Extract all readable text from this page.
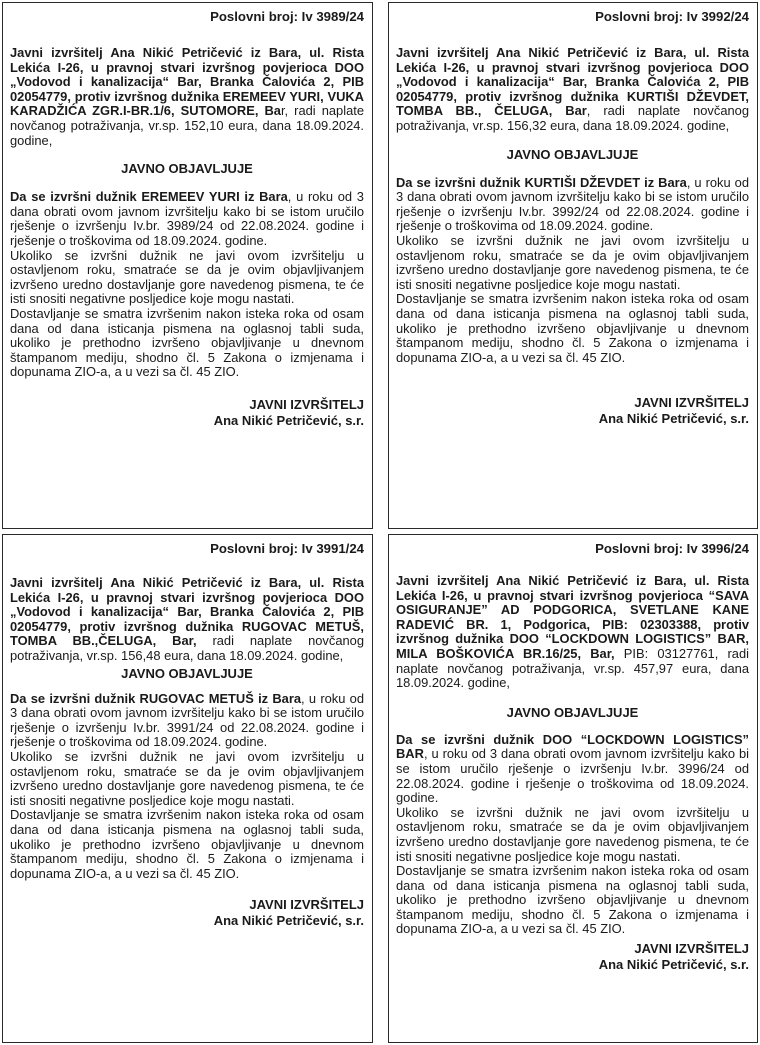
Poslovni broj: Iv 3989/24

Javni izvršitelj Ana Nikić Petričević iz Bara, ul. Rista Lekića I-26, u pravnoj stvari izvršnog povjerioca DOO „Vodovod i kanalizacija“ Bar, Branka Čalovića 2, PIB 02054779, protiv izvršnog dužnika EREMEEV YURI, VUKA KARADŽIĆA ZGR.I-BR.1/6, SUTOMORE, Bar, radi naplate novčanog potraživanja, vr.sp. 152,10 eura, dana 18.09.2024. godine,

JAVNO OBJAVLJUJE

Da se izvršni dužnik EREMEEV YURI iz Bara, u roku od 3 dana obrati ovom javnom izvršitelju kako bi se istom uručilo rješenje o izvršenju Iv.br. 3989/24 od 22.08.2024. godine i rješenje o troškovima od 18.09.2024. godine.

Ukoliko se izvršni dužnik ne javi ovom izvršitelju u ostavljenom roku, smatraće se da je ovim objavljivanjem izvršeno uredno dostavljanje gore navedenog pismena, te će isti snositi negativne posljedice koje mogu nastati.

Dostavljanje se smatra izvršenim nakon isteka roka od osam dana od dana isticanja pismena na oglasnoj tabli suda, ukoliko je prethodno izvršeno objavljivanje u dnevnom štampanom mediju, shodno čl. 5 Zakona o izmjenama i dopunama ZIO-a, a u vezi sa čl. 45 ZIO.

JAVNI IZVRŠITELJ
Ana Nikić Petričević, s.r.
Poslovni broj: Iv 3992/24

Javni izvršitelj Ana Nikić Petričević iz Bara, ul. Rista Lekića I-26, u pravnoj stvari izvršnog povjerioca DOO „Vodovod i kanalizacija“ Bar, Branka Čalovića 2, PIB 02054779, protiv izvršnog dužnika KURTIŠI DŽEVDET, TOMBA BB., ČELUGA, Bar, radi naplate novčanog potraživanja, vr.sp. 156,32 eura, dana 18.09.2024. godine,

JAVNO OBJAVLJUJE

Da se izvršni dužnik KURTIŠI DŽEVDET iz Bara, u roku od 3 dana obrati ovom javnom izvršitelju kako bi se istom uručilo rješenje o izvršenju Iv.br. 3992/24 od 22.08.2024. godine i rješenje o troškovima od 18.09.2024. godine.

Ukoliko se izvršni dužnik ne javi ovom izvršitelju u ostavljenom roku, smatraće se da je ovim objavljivanjem izvršeno uredno dostavljanje gore navedenog pismena, te će isti snositi negativne posljedice koje mogu nastati.

Dostavljanje se smatra izvršenim nakon isteka roka od osam dana od dana isticanja pismena na oglasnoj tabli suda, ukoliko je prethodno izvršeno objavljivanje u dnevnom štampanom mediju, shodno čl. 5 Zakona o izmjenama i dopunama ZIO-a, a u vezi sa čl. 45 ZIO.

JAVNI IZVRŠITELJ
Ana Nikić Petričević, s.r.
Poslovni broj: Iv 3991/24

Javni izvršitelj Ana Nikić Petričević iz Bara, ul. Rista Lekića I-26, u pravnoj stvari izvršnog povjerioca DOO „Vodovod i kanalizacija“ Bar, Branka Čalovića 2, PIB 02054779, protiv izvršnog dužnika RUGOVAC METUŠ, TOMBA BB.,ČELUGA, Bar, radi naplate novčanog potraživanja, vr.sp. 156,48 eura, dana 18.09.2024. godine,

JAVNO OBJAVLJUJE

Da se izvršni dužnik RUGOVAC METUŠ iz Bara, u roku od 3 dana obrati ovom javnom izvršitelju kako bi se istom uručilo rješenje o izvršenju Iv.br. 3991/24 od 22.08.2024. godine i rješenje o troškovima od 18.09.2024. godine.

Ukoliko se izvršni dužnik ne javi ovom izvršitelju u ostavljenom roku, smatraće se da je ovim objavljivanjem izvršeno uredno dostavljanje gore navedenog pismena, te će isti snositi negativne posljedice koje mogu nastati.

Dostavljanje se smatra izvršenim nakon isteka roka od osam dana od dana isticanja pismena na oglasnoj tabli suda, ukoliko je prethodno izvršeno objavljivanje u dnevnom štampanom mediju, shodno čl. 5 Zakona o izmjenama i dopunama ZIO-a, a u vezi sa čl. 45 ZIO.

JAVNI IZVRŠITELJ
Ana Nikić Petričević, s.r.
Poslovni broj: Iv 3996/24

Javni izvršitelj Ana Nikić Petričević iz Bara, ul. Rista Lekića I-26, u pravnoj stvari izvršnog povjerioca “SAVA OSIGURANJE” AD PODGORICA, SVETLANE KANE RADEVIĆ BR. 1, Podgorica, PIB: 02303388, protiv izvršnog dužnika DOO “LOCKDOWN LOGISTICS” BAR, MILA BOŠKOVIĆA BR.16/25, Bar, PIB: 03127761, radi naplate novčanog potraživanja, vr.sp. 457,97 eura, dana 18.09.2024. godine,

JAVNO OBJAVLJUJE

Da se izvršni dužnik DOO “LOCKDOWN LOGISTICS” BAR, u roku od 3 dana obrati ovom javnom izvršitelju kako bi se istom uručilo rješenje o izvršenju Iv.br. 3996/24 od 22.08.2024. godine i rješenje o troškovima od 18.09.2024. godine.

Ukoliko se izvršni dužnik ne javi ovom izvršitelju u ostavljenom roku, smatraće se da je ovim objavljivanjem izvršeno uredno dostavljanje gore navedenog pismena, te će isti snositi negativne posljedice koje mogu nastati.

Dostavljanje se smatra izvršenim nakon isteka roka od osam dana od dana isticanja pismena na oglasnoj tabli suda, ukoliko je prethodno izvršeno objavljivanje u dnevnom štampanom mediju, shodno čl. 5 Zakona o izmjenama i dopunama ZIO-a, a u vezi sa čl. 45 ZIO.

JAVNI IZVRŠITELJ
Ana Nikić Petričević, s.r.
